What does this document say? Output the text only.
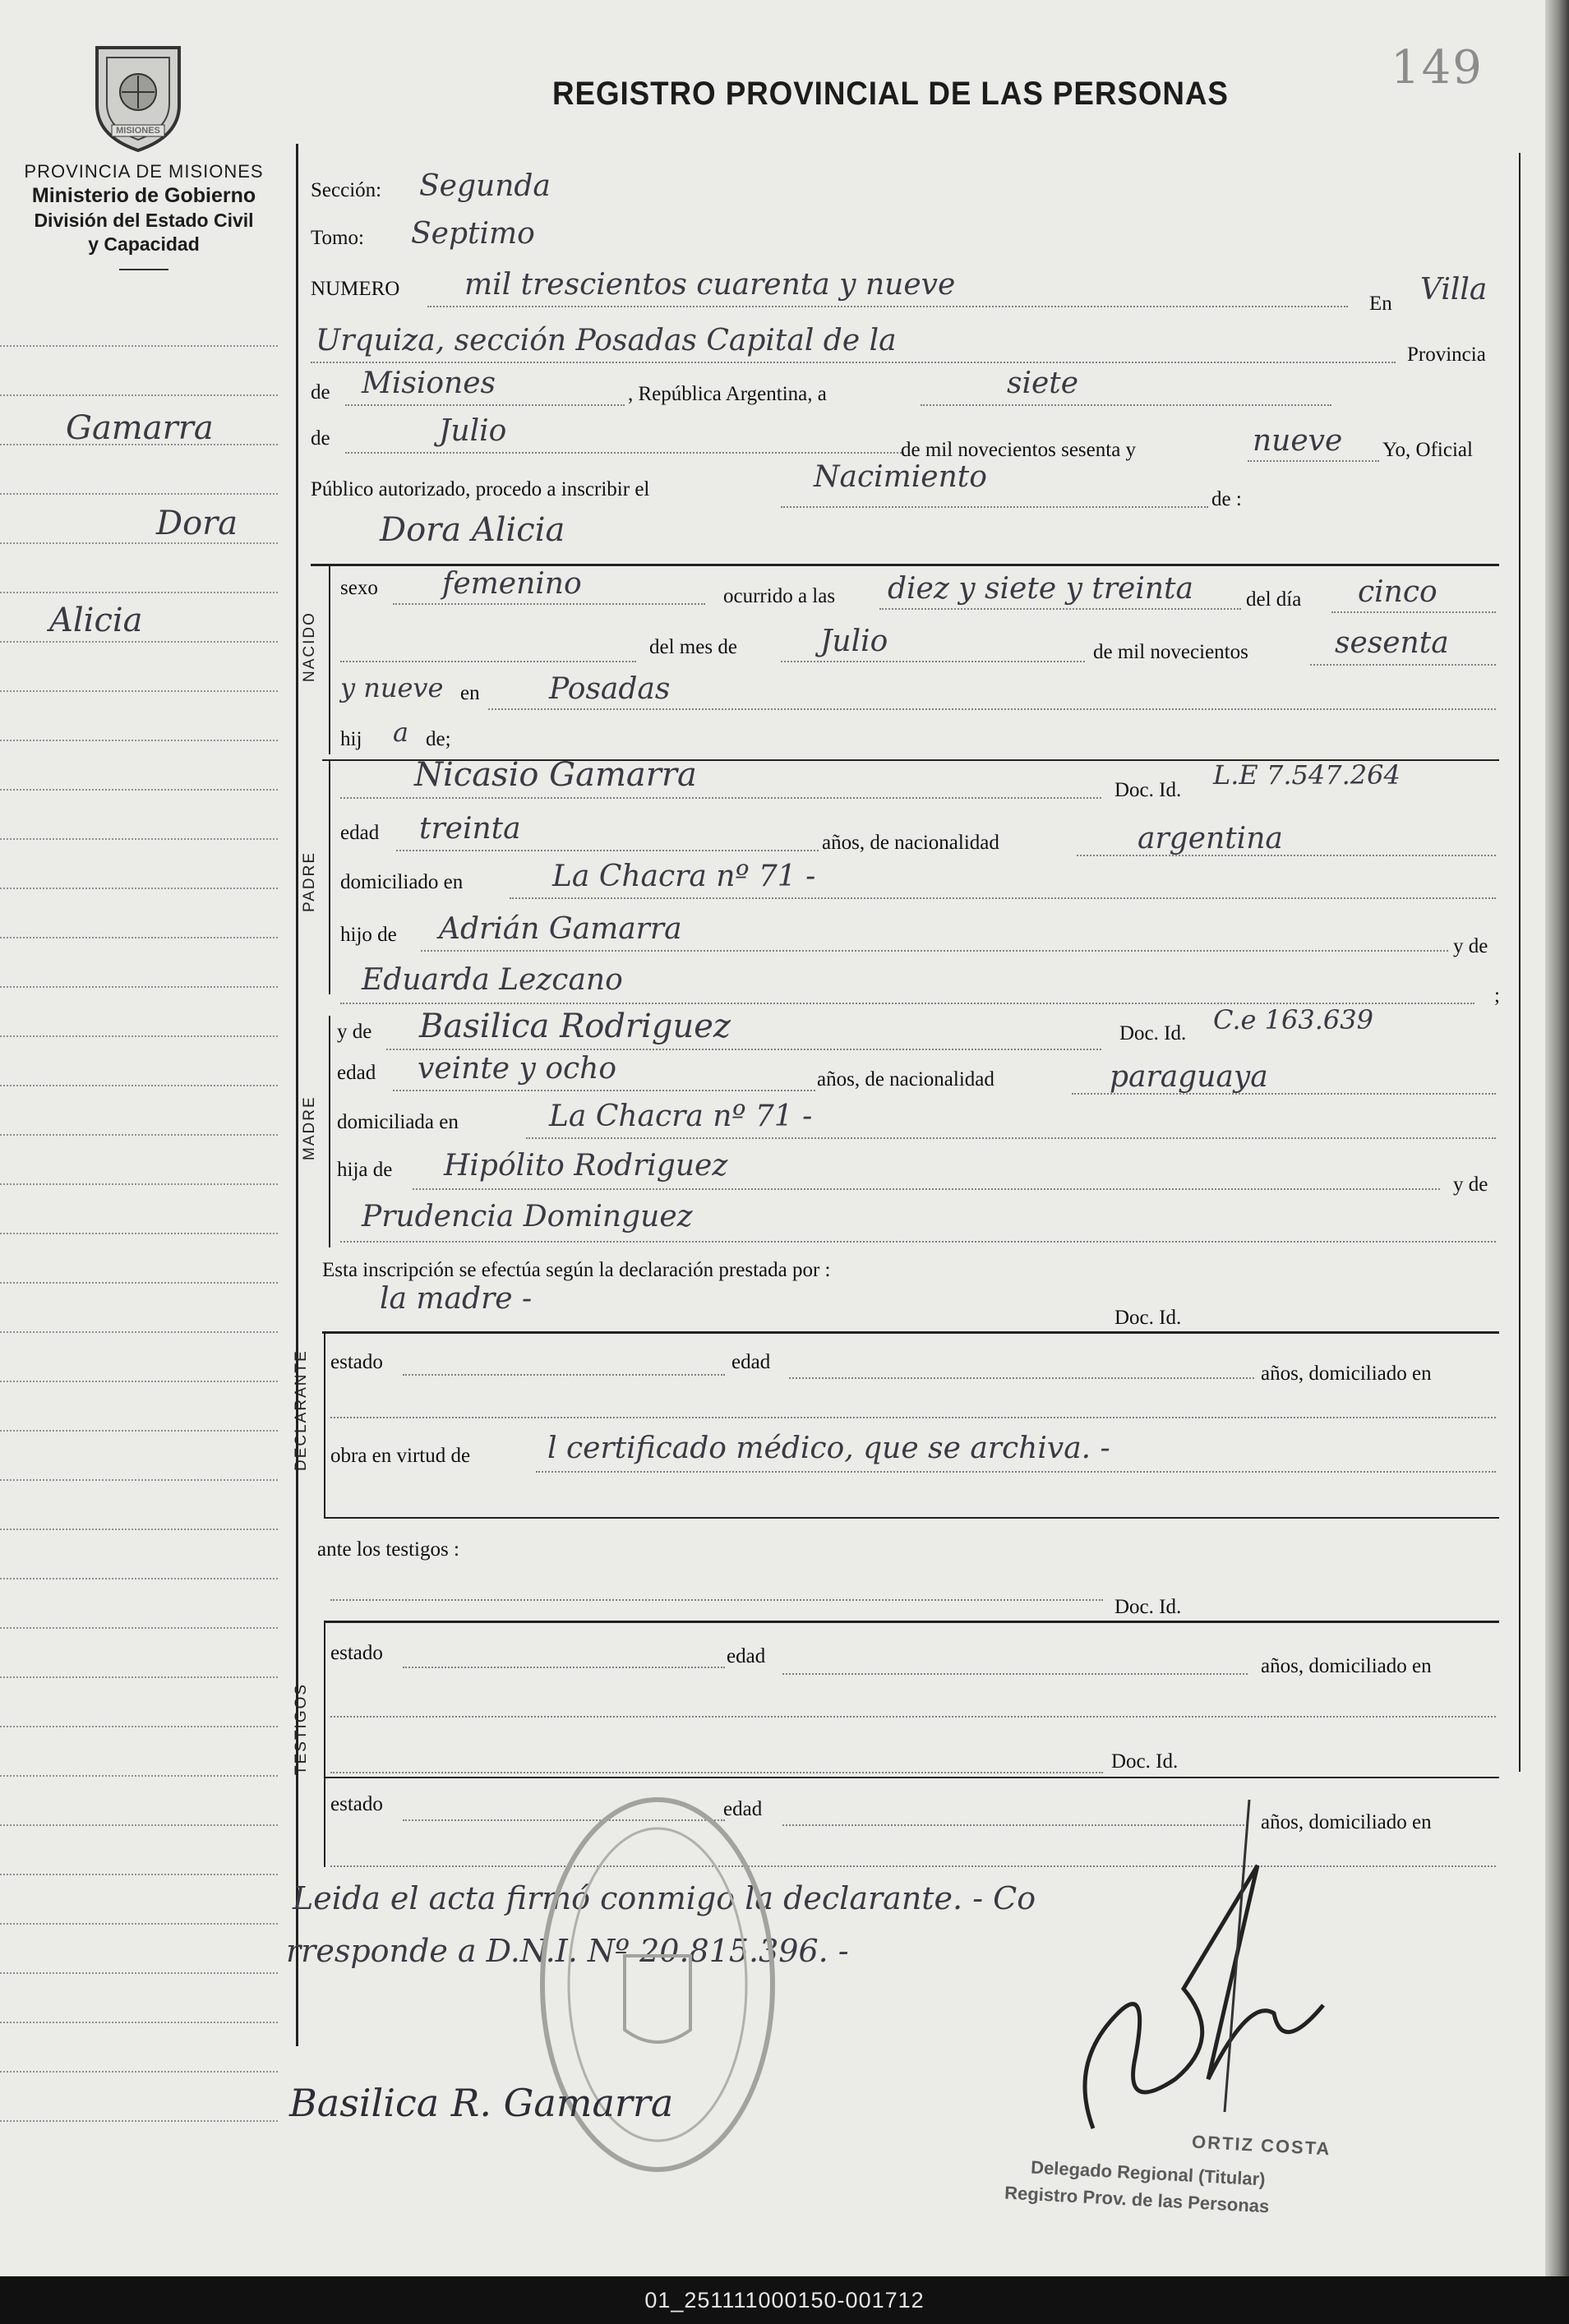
MISIONES
PROVINCIA DE MISIONES
Ministerio de Gobierno
División del Estado Civil
y Capacidad
REGISTRO PROVINCIAL DE LAS PERSONAS	149
Gamarra
Dora
Alicia
Sección: Segunda
Tomo: Septimo
NUMERO mil trescientos cuarenta y nueve
En Villa
Urquiza, sección Posadas Capital de la	Provincia
de Misiones	, República Argentina, a	siete
de	Julio
de mil novecientos sesenta y	nueve Yo, Oficial
Público autorizado, procedo a inscribir el	Nacimiento
de :
Dora Alicia
NACIDO
sexo femenino	ocurrido a las diez y siete y treinta	del día cinco
del mes de	Julio	de mil novecientos	sesenta
y nueve en Posadas
hij a de;
PADRE
Nicasio Gamarra	Doc. Id. L.E 7.547.264
edad treinta	años, de nacionalidad	argentina
domiciliado en	La Chacra nº 71 -
hijo de Adrián Gamarra
y de
Eduarda Lezcano	;
MADRE
y de Basilica Rodriguez	Doc. Id. C.e 163.639
edad veinte y ocho	años, de nacionalidad	paraguaya
domiciliada en	La Chacra nº 71 -
hija de Hipólito Rodriguez
y de
Prudencia Dominguez
Esta inscripción se efectúa según la declaración prestada por :
la madre -
Doc. Id.
DECLARANTE estado	edad
años, domiciliado en
obra en virtud de	l certificado médico, que se archiva. -
ante los testigos :
Doc. Id.
TESTIGOS
estado	edad	años, domiciliado en
Doc. Id.
estado	edad
años, domiciliado en
Leida el acta firmó conmigo la declarante. - Co
rresponde a D.N.I. Nº 20.815.396. -
Basilica R. Gamarra
ORTIZ COSTA
Delegado Regional (Titular)
Registro Prov. de las Personas
01_251111000150-001712
